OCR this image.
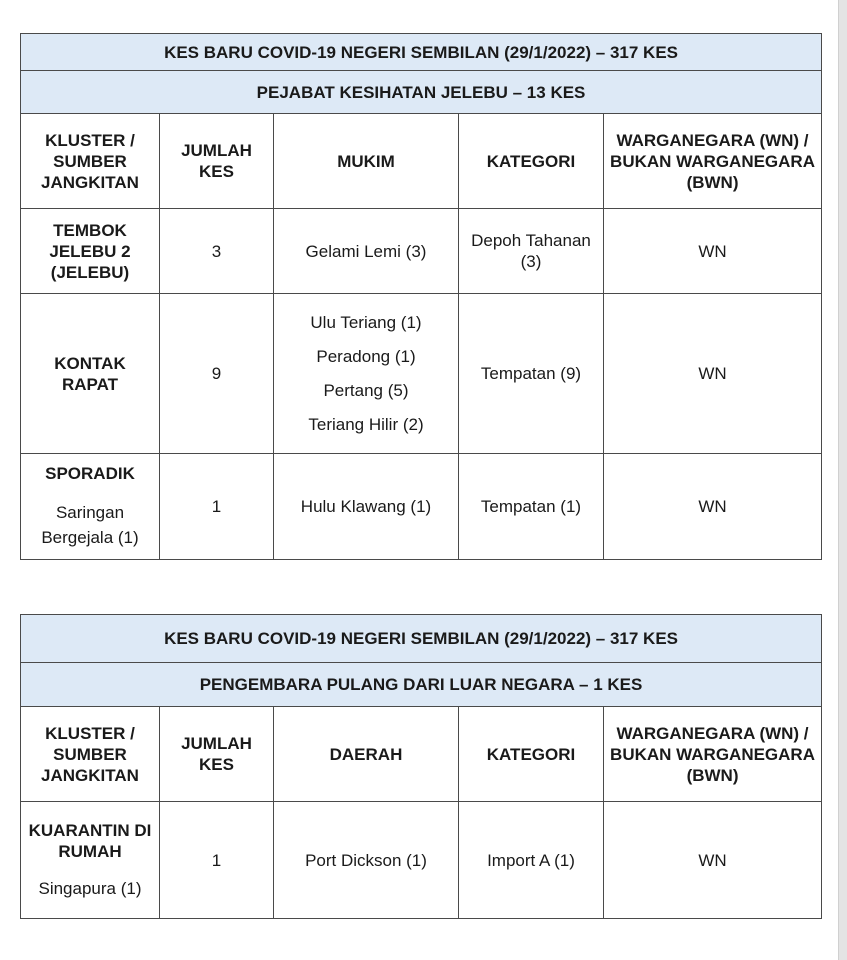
KES BARU COVID-19 NEGERI SEMBILAN (29/1/2022) – 317 KES				
PEJABAT KESIHATAN JELEBU – 13 KES				
KLUSTER / SUMBER JANGKITAN	JUMLAH KES	MUKIM	KATEGORI	WARGANEGARA (WN) / BUKAN WARGANEGARA (BWN)
TEMBOK JELEBU 2 (JELEBU)	3	Gelami Lemi (3)	Depoh Tahanan (3)	WN
KONTAK RAPAT	9	Ulu Teriang (1)
Peradong (1)
Pertang (5)
Teriang Hilir (2)	Tempatan (9)	WN

SPORADIK
Saringan Bergejala (1)	1	Hulu Klawang (1)	Tempatan (1)	WN
KES BARU COVID-19 NEGERI SEMBILAN (29/1/2022) – 317 KES				
PENGEMBARA PULANG DARI LUAR NEGARA – 1 KES				
KLUSTER / SUMBER JANGKITAN	JUMLAH KES	DAERAH	KATEGORI	WARGANEGARA (WN) / BUKAN WARGANEGARA (BWN)

KUARANTIN DI RUMAH
Singapura (1)	1	Port Dickson (1)	Import A (1)	WN
